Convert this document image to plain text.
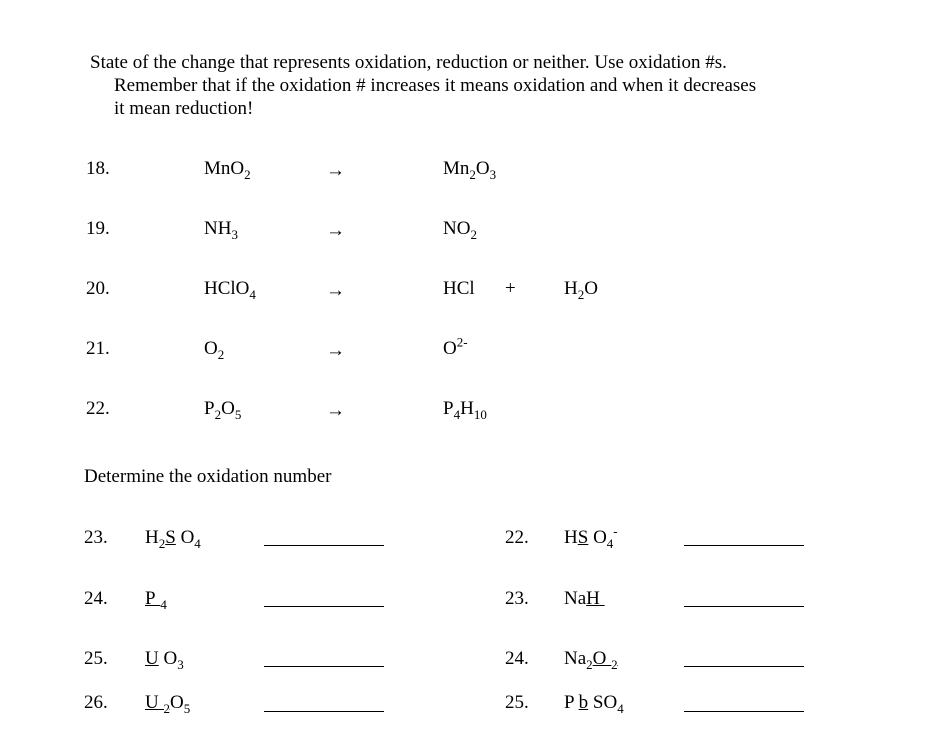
State of the change that represents oxidation, reduction or neither. Use oxidation #s.
Remember that if the oxidation # increases it means oxidation and when it decreases
it mean reduction!
18.	MnO$_2$	→	$Mn_2O_3$
19.	$NH_3$	→	$NO_2$
20.	HClO$_4$	→	HCl +	$H_2O$
21.	$O_2$	→	$O^{2-}$
22.	$P_2O_5$	→	$P_4H_{10}$
Determine the oxidation number
23. $H_2S$ $O_4$
24. P $_4$
25. U $O_3$
26. U $_2O_5$
22. HS $O_4^-$
23. NaH
24. $Na_2O$ $_2$
25. P b $SO_4$
